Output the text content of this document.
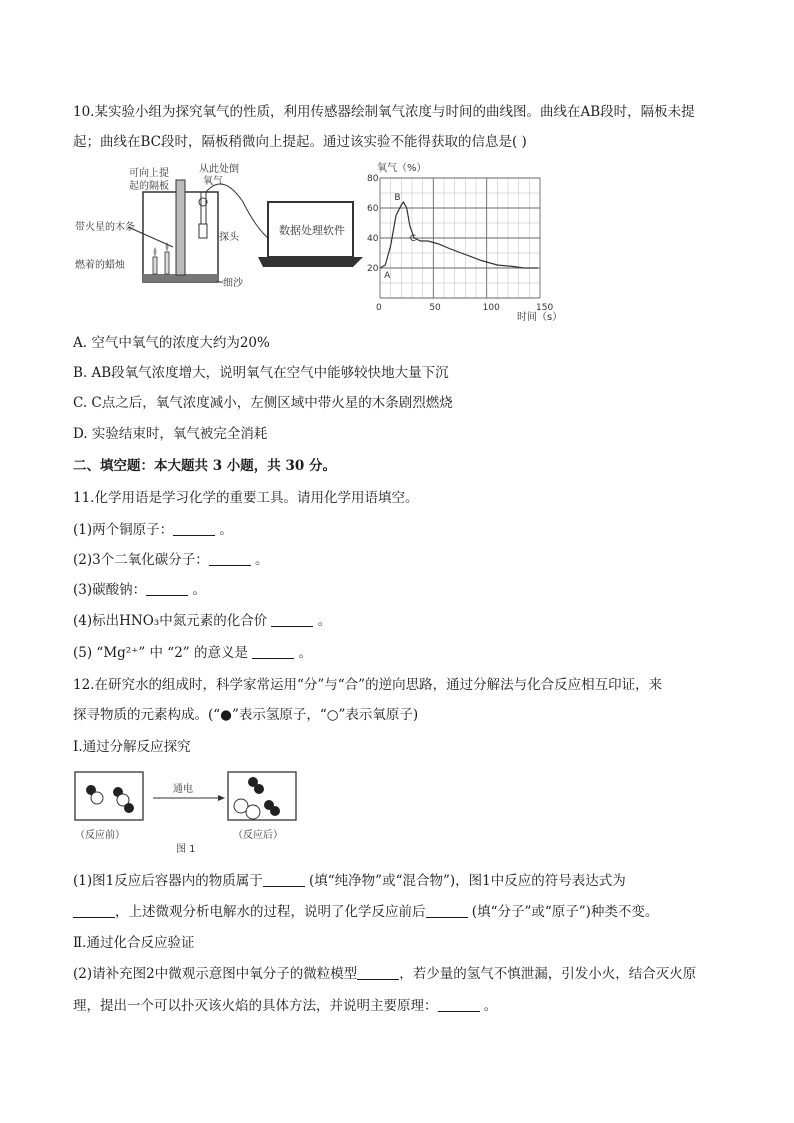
10.某实验小组为探究氧气的性质，利用传感器绘制氧气浓度与时间的曲线图。曲线在AB段时，隔板未提
起；曲线在BC段时，隔板稍微向上提起。通过该实验不能得获取的信息是( )
可向上提
起的隔板
从此处倒
氧气
带火星的木条
燃着的蜡烛
探头
细沙
数据处理软件
氧气（%）
时间（s）
0	50	100	150
20
40
60
80
A
B
C
A. 空气中氧气的浓度大约为20%
B. AB段氧气浓度增大，说明氧气在空气中能够较快地大量下沉
C. C点之后，氧气浓度减小，左侧区域中带火星的木条剧烈燃烧
D. 实验结束时，氧气被完全消耗
二、填空题：本大题共 3 小题，共 30 分。
11.化学用语是学习化学的重要工具。请用化学用语填空。
(1)两个铜原子：	。
(2)3个二氧化碳分子：	。
(3)碳酸钠：	。
(4)标出HNO₃中氮元素的化合价	。
(5) “Mg²⁺” 中 “2” 的意义是	。
12.在研究水的组成时，科学家常运用“分”与“合”的逆向思路，通过分解法与化合反应相互印证，来
探寻物质的元素构成。(“●”表示氢原子，“○”表示氧原子)
Ⅰ.通过分解反应探究
通电
（反应前）	（反应后）
图 1
(1)图1反应后容器内的物质属于	(填“纯净物”或“混合物”)，图1中反应的符号表达式为
，上述微观分析电解水的过程，说明了化学反应前后	(填“分子”或“原子”)种类不变。
Ⅱ.通过化合反应验证
(2)请补充图2中微观示意图中氧分子的微粒模型	，若少量的氢气不慎泄漏，引发小火，结合灭火原
理，提出一个可以扑灭该火焰的具体方法，并说明主要原理：	。
